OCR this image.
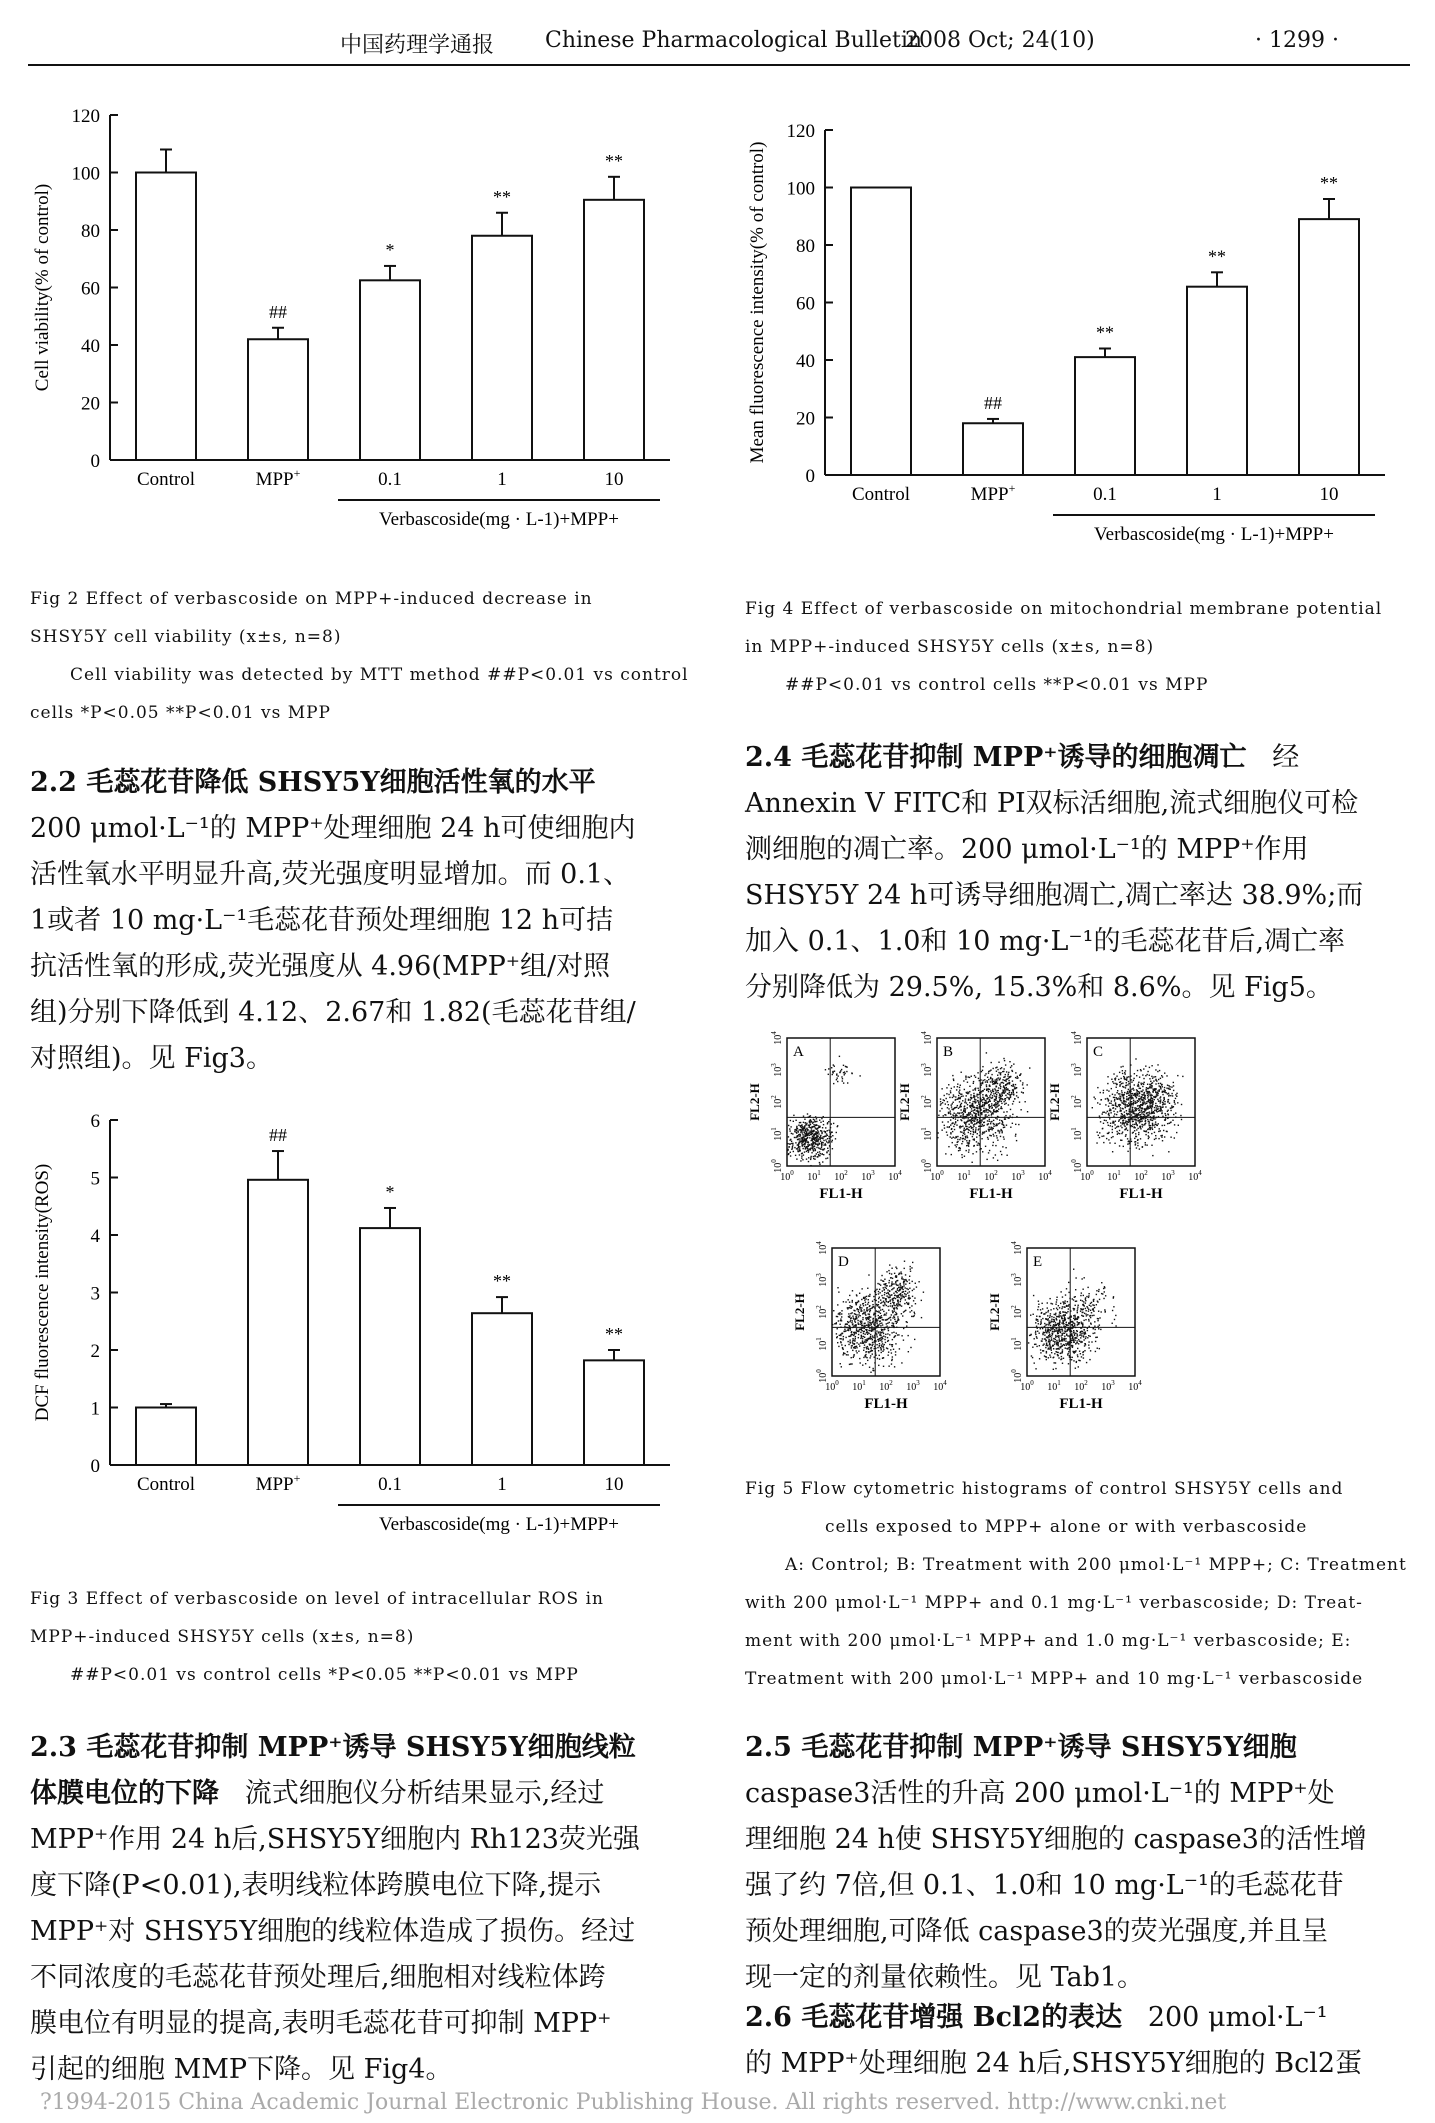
中国药理学通报 Chinese Pharmacological Bulletin
2008 Oct; 24(10)	· 1299 ·
0
20
40
60
80
100
120
Cell viability(% of control)
Control
##
MPP+
*
0.1
**
1
**
10
Verbascoside(mg · L-1)+MPP+
Fig 2 Effect of verbascoside on MPP+-induced decrease in
SHSY5Y cell viability (x±s, n=8)
Cell viability was detected by MTT method ##P<0.01 vs control
cells *P<0.05 **P<0.01 vs MPP
2.2 毛蕊花苷降低 SHSY5Y细胞活性氧的水平

200 μmol·L⁻¹的 MPP⁺处理细胞 24 h可使细胞内

活性氧水平明显升高,荧光强度明显增加。而 0.1、

1或者 10 mg·L⁻¹毛蕊花苷预处理细胞 12 h可拮

抗活性氧的形成,荧光强度从 4.96(MPP⁺组/对照

组)分别下降低到 4.12、2.67和 1.82(毛蕊花苷组/

对照组)。见 Fig3。

0
1
2
3
4
5
6
DCF fluorescence intensity(ROS)
Control
##
MPP+
*
0.1
**
1
**
10
Verbascoside(mg · L-1)+MPP+
Fig 3 Effect of verbascoside on level of intracellular ROS in
MPP+-induced SHSY5Y cells (x±s, n=8)
##P<0.01 vs control cells *P<0.05 **P<0.01 vs MPP
2.3 毛蕊花苷抑制 MPP⁺诱导 SHSY5Y细胞线粒

体膜电位的下降 流式细胞仪分析结果显示,经过

MPP⁺作用 24 h后,SHSY5Y细胞内 Rh123荧光强

度下降(P<0.01),表明线粒体跨膜电位下降,提示

MPP⁺对 SHSY5Y细胞的线粒体造成了损伤。经过

不同浓度的毛蕊花苷预处理后,细胞相对线粒体跨

膜电位有明显的提高,表明毛蕊花苷可抑制 MPP⁺

引起的细胞 MMP下降。见 Fig4。

0
20
40
60
80
100
120
Mean fluorescence intensity(% of control)
Control
##
MPP+
**
0.1
**
1
**
10
Verbascoside(mg · L-1)+MPP+
Fig 4 Effect of verbascoside on mitochondrial membrane potential
in MPP+-induced SHSY5Y cells (x±s, n=8)
##P<0.01 vs control cells **P<0.01 vs MPP
2.4 毛蕊花苷抑制 MPP⁺诱导的细胞凋亡 经

Annexin V FITC和 PI双标活细胞,流式细胞仪可检

测细胞的凋亡率。200 μmol·L⁻¹的 MPP⁺作用

SHSY5Y 24 h可诱导细胞凋亡,凋亡率达 38.9%;而

加入 0.1、1.0和 10 mg·L⁻¹的毛蕊花苷后,凋亡率

分别降低为 29.5%, 15.3%和 8.6%。见 Fig5。

A
FL1-H
FL2-H
$10^0$
$10^0$
$10^1$
$10^1$
$10^2$
$10^2$
$10^3$
$10^3$
$10^4$
$10^4$
B
FL1-H
FL2-H
$10^0$
$10^0$
$10^1$
$10^1$
$10^2$
$10^2$
$10^3$
$10^3$
$10^4$
$10^4$
C
FL1-H
FL2-H
$10^0$
$10^0$
$10^1$
$10^1$
$10^2$
$10^2$
$10^3$
$10^3$
$10^4$
$10^4$
D
FL1-H
FL2-H
$10^0$
$10^0$
$10^1$
$10^1$
$10^2$
$10^2$
$10^3$
$10^3$
$10^4$
$10^4$
E
FL1-H
FL2-H
$10^0$
$10^0$
$10^1$
$10^1$
$10^2$
$10^2$
$10^3$
$10^3$
$10^4$
$10^4$
Fig 5 Flow cytometric histograms of control SHSY5Y cells and
cells exposed to MPP+ alone or with verbascoside
A: Control; B: Treatment with 200 μmol·L⁻¹ MPP+; C: Treatment
with 200 μmol·L⁻¹ MPP+ and 0.1 mg·L⁻¹ verbascoside; D: Treat-
ment with 200 μmol·L⁻¹ MPP+ and 1.0 mg·L⁻¹ verbascoside; E:
Treatment with 200 μmol·L⁻¹ MPP+ and 10 mg·L⁻¹ verbascoside
2.5 毛蕊花苷抑制 MPP⁺诱导 SHSY5Y细胞

caspase3活性的升高 200 μmol·L⁻¹的 MPP⁺处

理细胞 24 h使 SHSY5Y细胞的 caspase3的活性增

强了约 7倍,但 0.1、1.0和 10 mg·L⁻¹的毛蕊花苷

预处理细胞,可降低 caspase3的荧光强度,并且呈

现一定的剂量依赖性。见 Tab1。

2.6 毛蕊花苷增强 Bcl2的表达 200 μmol·L⁻¹

的 MPP⁺处理细胞 24 h后,SHSY5Y细胞的 Bcl2蛋

?1994-2015 China Academic Journal Electronic Publishing House. All rights reserved. http://www.cnki.net
